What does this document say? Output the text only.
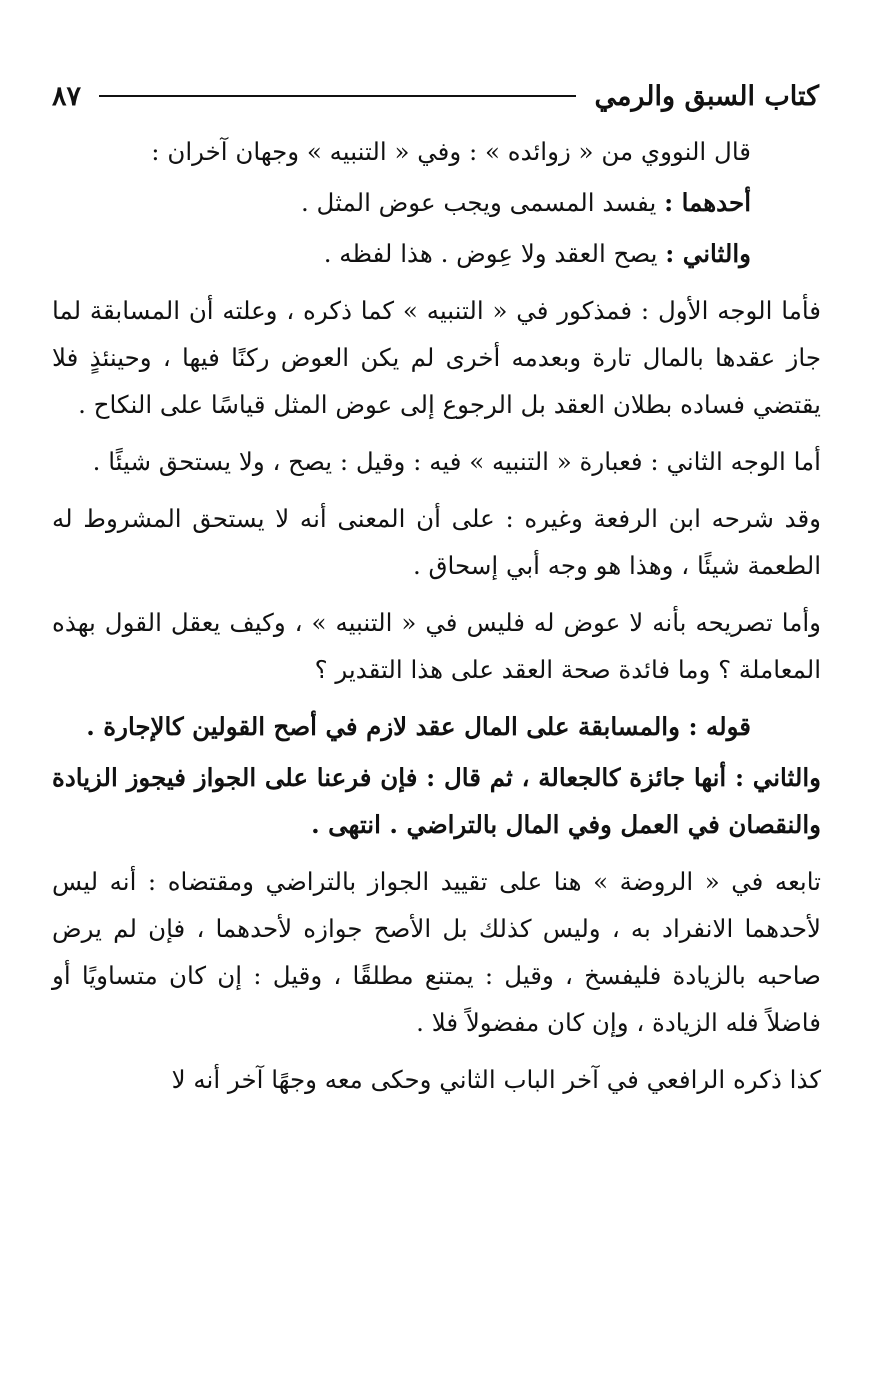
كتاب السبق والرمي
٨٧

قال النووي من « زوائده » : وفي « التنبيه » وجهان آخران :

أحدهما : يفسد المسمى ويجب عوض المثل .

والثاني : يصح العقد ولا عِوض . هذا لفظه .

فأما الوجه الأول : فمذكور في « التنبيه » كما ذكره ، وعلته أن المسابقة لما جاز عقدها بالمال تارة وبعدمه أخرى لم يكن العوض ركنًا فيها ، وحينئذٍ فلا يقتضي فساده بطلان العقد بل الرجوع إلى عوض المثل قياسًا على النكاح .

أما الوجه الثاني : فعبارة « التنبيه » فيه : وقيل : يصح ، ولا يستحق شيئًا .

وقد شرحه ابن الرفعة وغيره : على أن المعنى أنه لا يستحق المشروط له الطعمة شيئًا ، وهذا هو وجه أبي إسحاق .

وأما تصريحه بأنه لا عوض له فليس في « التنبيه » ، وكيف يعقل القول بهذه المعاملة ؟ وما فائدة صحة العقد على هذا التقدير ؟

قوله : والمسابقة على المال عقد لازم في أصح القولين كالإجارة .

والثاني : أنها جائزة كالجعالة ، ثم قال : فإن فرعنا على الجواز فيجوز الزيادة والنقصان في العمل وفي المال بالتراضي . انتهى .

تابعه في « الروضة » هنا على تقييد الجواز بالتراضي ومقتضاه : أنه ليس لأحدهما الانفراد به ، وليس كذلك بل الأصح جوازه لأحدهما ، فإن لم يرض صاحبه بالزيادة فليفسخ ، وقيل : يمتنع مطلقًا ، وقيل : إن كان متساويًا أو فاضلاً فله الزيادة ، وإن كان مفضولاً فلا .

كذا ذكره الرافعي في آخر الباب الثاني وحكى معه وجهًا آخر أنه لا
